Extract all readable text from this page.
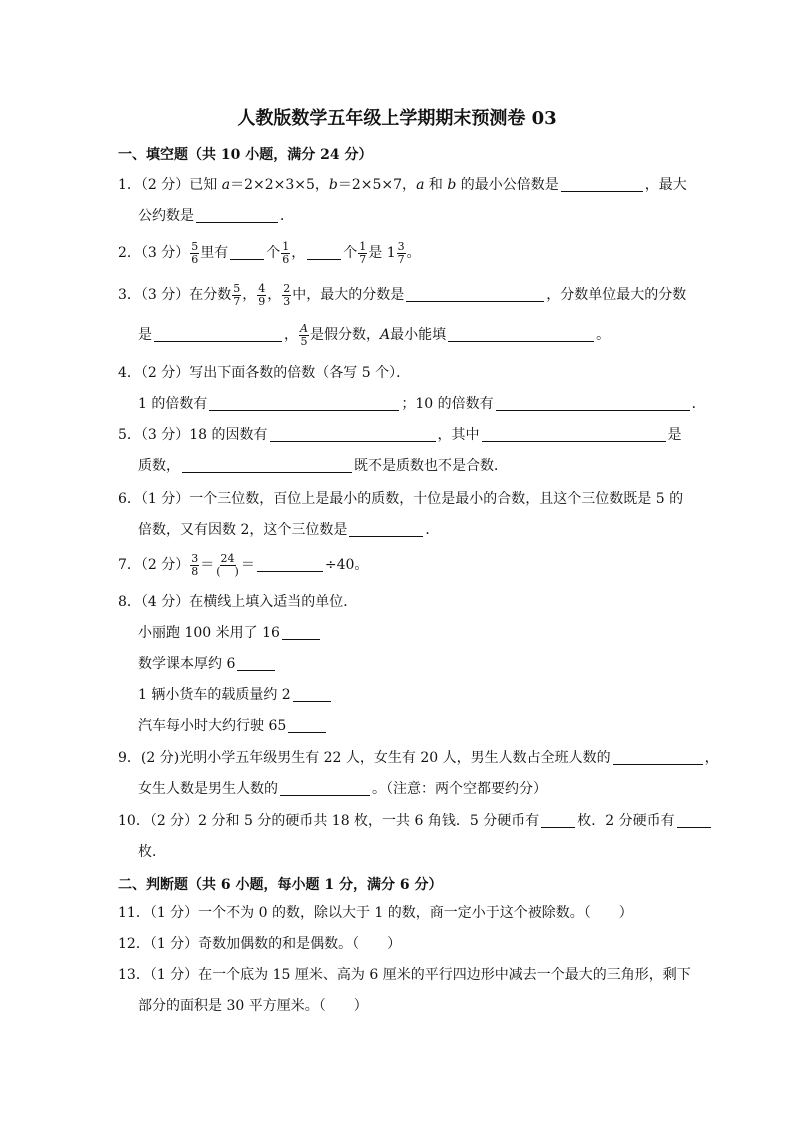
人教版数学五年级上学期期末预测卷 03
一、填空题（共 10 小题，满分 24 分）
1．（2 分）已知 a＝2×2×3×5，b＝2×5×7，a 和 b 的最小公倍数是	，最大
公约数是	．
2．（3 分） $\frac{5}{6}$ 里有	个 $\frac{1}{6}$ ，	个 $\frac{1}{7}$ 是 $1 \frac{3}{7}$ 。
3．（3 分）在分数 $\frac{5}{7}$ ， $\frac{4}{9}$ ， $\frac{2}{3}$ 中，最大的分数是	，分数单位最大的分数
是	， $\frac{A}{5}$ 是假分数，A最小能填	。
4．（2 分）写出下面各数的倍数（各写 5 个）．
1 的倍数有	；10 的倍数有	．
5．（3 分）18 的因数有	，其中	是
质数，	既不是质数也不是合数．
6．（1 分）一个三位数，百位上是最小的质数，十位是最小的合数，且这个三位数既是 5 的
倍数，又有因数 2，这个三位数是	．
7．（2 分） $\frac{3}{8} = \frac{24}{( )}$ ＝	÷40。
8．（4 分）在横线上填入适当的单位．
小丽跑 100 米用了 16
数学课本厚约 6
1 辆小货车的载质量约 2
汽车每小时大约行驶 65
9．(2 分)光明小学五年级男生有 22 人，女生有 20 人，男生人数占全班人数的	，
女生人数是男生人数的	。（注意：两个空都要约分）
10．（2 分）2 分和 5 分的硬币共 18 枚，一共 6 角钱．5 分硬币有	枚．2 分硬币有
枚．
二、判断题（共 6 小题，每小题 1 分，满分 6 分）
11．（1 分）一个不为 0 的数，除以大于 1 的数，商一定小于这个被除数。（　　）
12．（1 分）奇数加偶数的和是偶数。（　　）
13．（1 分）在一个底为 15 厘米、高为 6 厘米的平行四边形中减去一个最大的三角形，剩下
部分的面积是 30 平方厘米。（　　）
